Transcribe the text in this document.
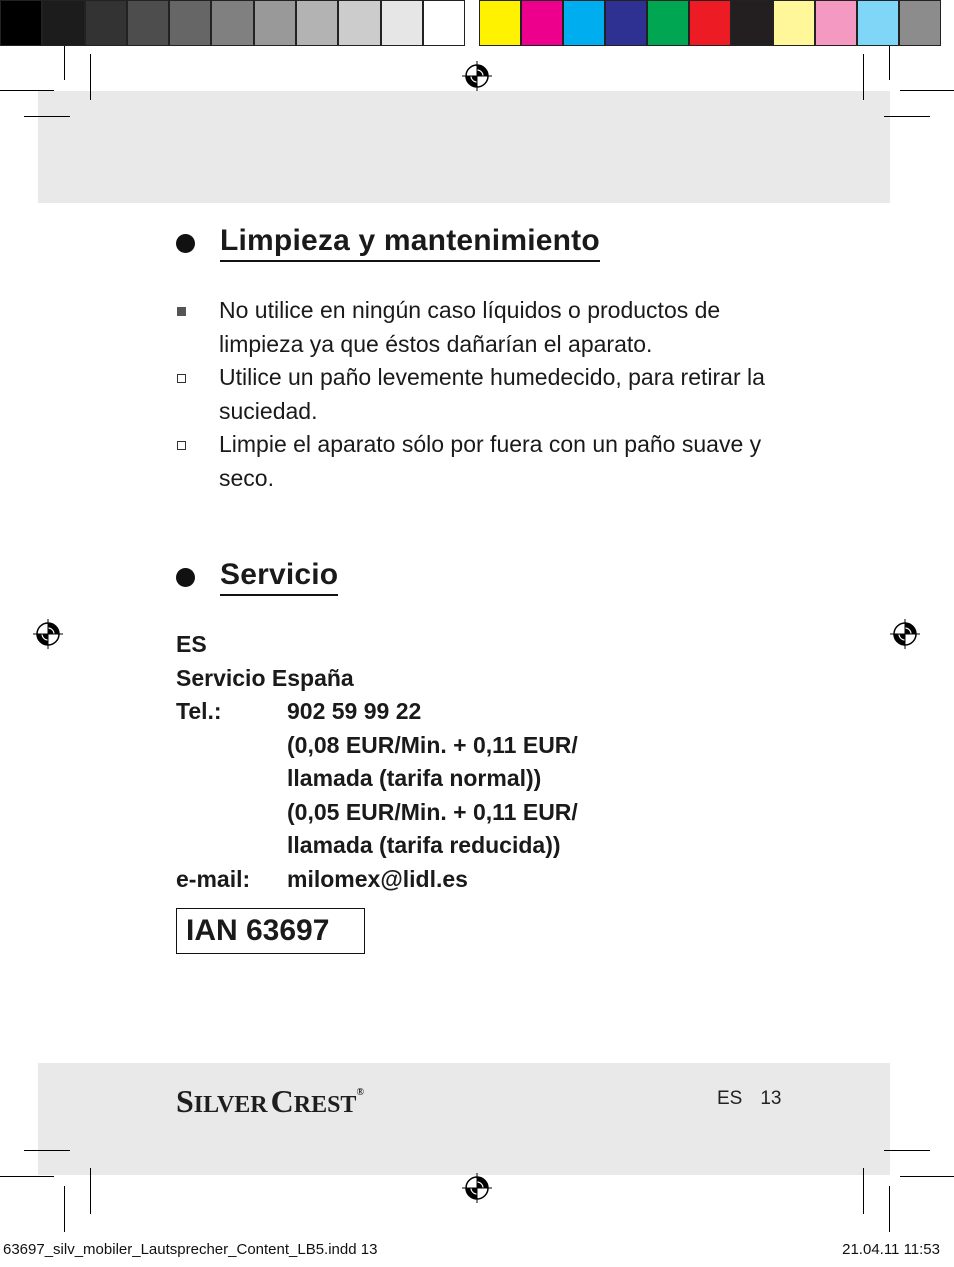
Limpieza y mantenimiento
No utilice en ningún caso líquidos o productos de limpieza ya que éstos dañarían el aparato.
Utilice un paño levemente humedecido, para retirar la suciedad.
Limpie el aparato sólo por fuera con un paño suave y seco.
Servicio
ES
Servicio España
Tel.:	902 59 99 22
(0,08 EUR/Min. + 0,11 EUR/
llamada (tarifa normal))
(0,05 EUR/Min. + 0,11 EUR/
llamada (tarifa reducida))
e-mail:	milomex@lidl.es
IAN 63697
SILVERCREST®	ES 13
63697_silv_mobiler_Lautsprecher_Content_LB5.indd 13	21.04.11 11:53
